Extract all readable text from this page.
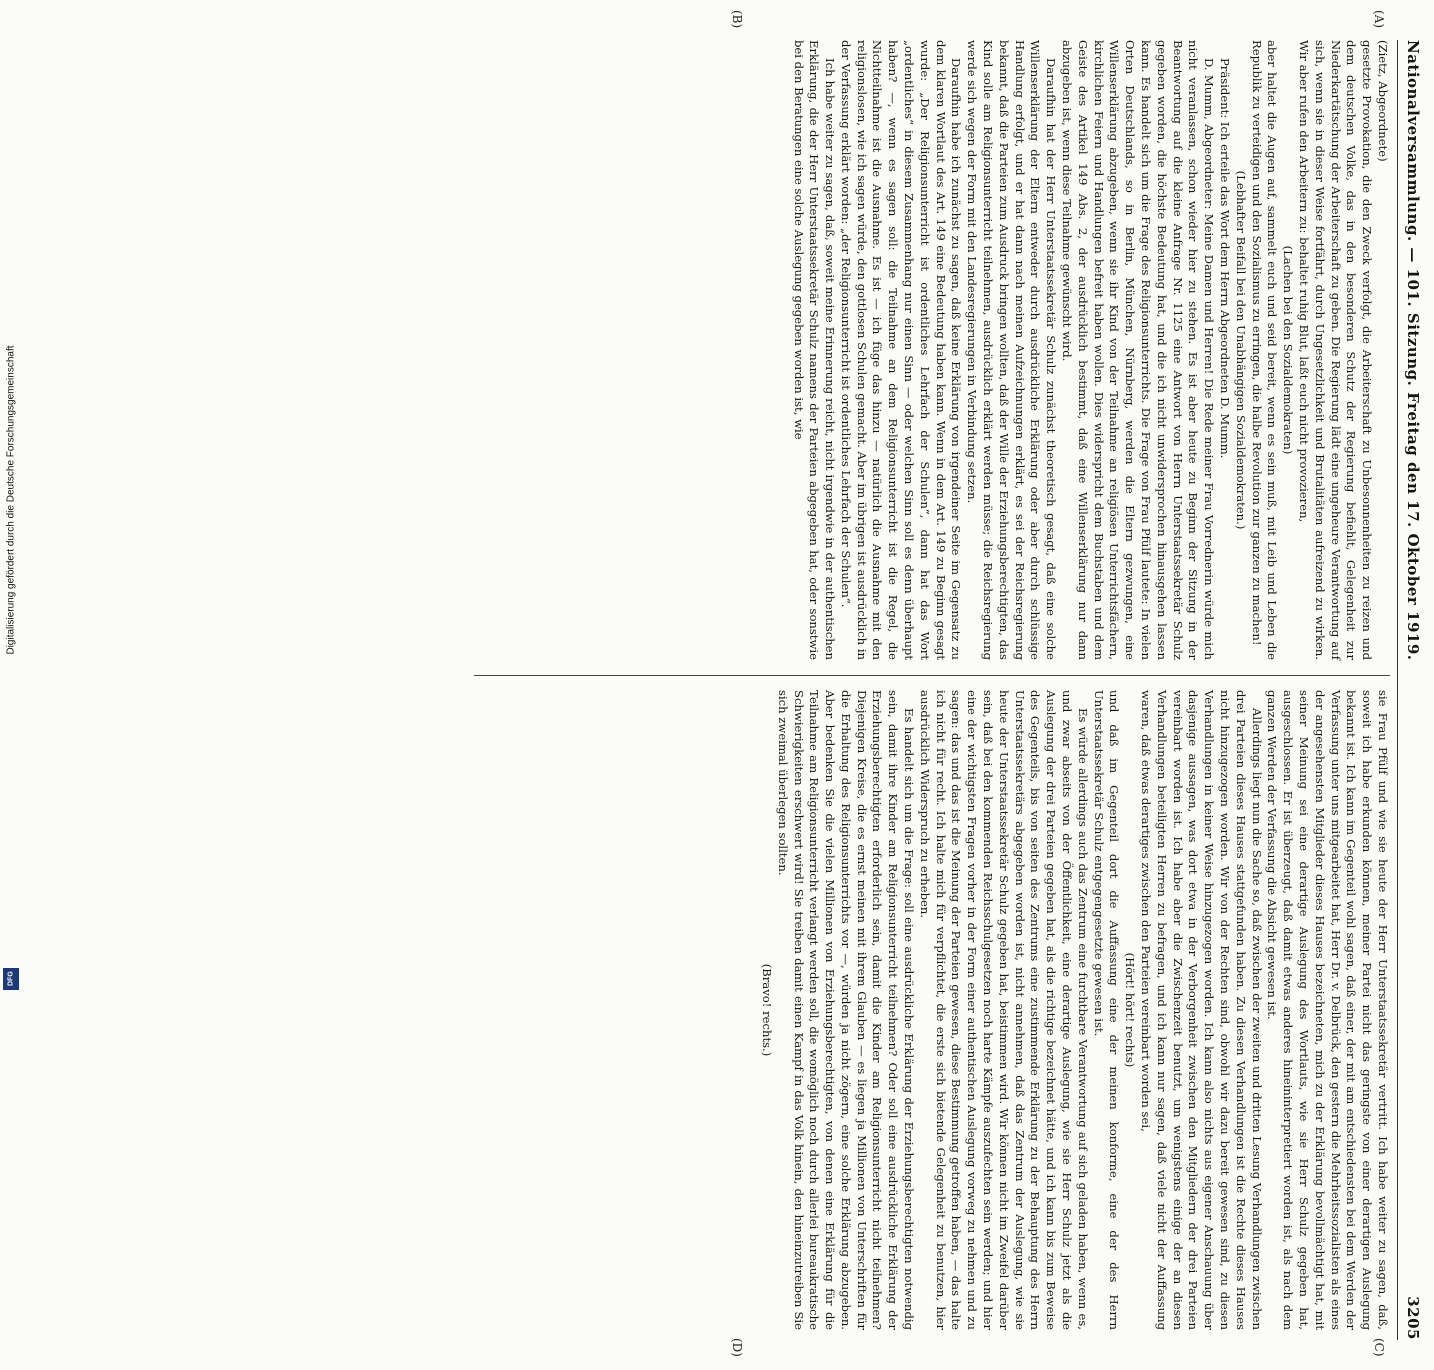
Nationalversammlung. — 101. Sitzung. Freitag den 17. Oktober 1919.
3205
(A)
(B)
(C)
(D)

(Zietz, Abgeordnete)

gesetzte Provokation, die den Zweck verfolgt, die Arbeiterschaft zu Unbesonnenheiten zu reizen und dem deutschen Volke, das in den besonderen Schutz der Regierung befiehlt, Gelegenheit zur Niederkartätschung der Arbeiterschaft zu geben. Die Regierung lädt eine ungeheure Verantwortung auf sich, wenn sie in dieser Weise fortfährt, durch Ungesetzlichkeit und Brutalitäten aufreizend zu wirken. Wir aber rufen den Arbeitern zu: behaltet ruhig Blut, laßt euch nicht provozieren,

(Lachen bei den Sozialdemokraten)

aber haltet die Augen auf, sammelt euch und seid bereit, wenn es sein muß, mit Leib und Leben die Republik zu verteidigen und den Sozialismus zu erringen, die halbe Revolution zur ganzen zu machen!

(Lebhafter Beifall bei den Unabhängigen Sozialdemokraten.)

Präsident: Ich erteile das Wort dem Herrn Abgeordneten D. Mumm.

D. Mumm, Abgeordneter: Meine Damen und Herren! Die Rede meiner Frau Vorrednerin würde mich nicht veranlassen, schon wieder hier zu stehen. Es ist aber heute zu Beginn der Sitzung in der Beantwortung auf die kleine Anfrage Nr. 1125 eine Antwort von Herrn Unterstaatssekretär Schulz gegeben worden, die höchste Bedeutung hat, und die ich nicht unwidersprochen hinausgehen lassen kann. Es handelt sich um die Frage des Religionsunterrichts. Die Frage von Frau Pfülf lautete: In vielen Orten Deutschlands, so in Berlin, München, Nürnberg, werden die Eltern gezwungen, eine Willenserklärung abzugeben, wenn sie ihr Kind von der Teilnahme an religiösen Unterrichtsfächern, kirchlichen Feiern und Handlungen befreit haben wollen. Dies widerspricht dem Buchstaben und dem Geiste des Artikel 149 Abs. 2, der ausdrücklich bestimmt, daß eine Willenserklärung nur dann abzugeben ist, wenn diese Teilnahme gewünscht wird.

Daraufhin hat der Herr Unterstaatssekretär Schulz zunächst theoretisch gesagt, daß eine solche Willenserklärung der Eltern entweder durch ausdrückliche Erklärung oder aber durch schlüssige Handlung erfolgt, und er hat dann nach meinen Aufzeichnungen erklärt, es sei der Reichsregierung bekannt, daß die Parteien zum Ausdruck bringen wollten, daß der Wille der Erziehungsberechtigten, das Kind solle am Religionsunterricht teilnehmen, ausdrücklich erklärt werden müsse; die Reichsregierung werde sich wegen der Form mit den Landesregierungen in Verbindung setzen.

Daraufhin habe ich zunächst zu sagen, daß keine Erklärung von irgendeiner Seite im Gegensatz zu dem klaren Wortlaut des Art. 149 eine Bedeutung haben kann. Wenn in dem Art. 149 zu Beginn gesagt wurde: „Der Religionsunterricht ist ordentliches Lehrfach der Schulen“, dann hat das Wort „ordentliches“ in diesem Zusammenhang nur einen Sinn — oder welchen Sinn soll es denn überhaupt haben? —, wenn es sagen soll: die Teilnahme an dem Religionsunterricht ist die Regel, die Nichtteilnahme ist die Ausnahme. Es ist — ich füge das hinzu — natürlich die Ausnahme mit den religionslosen, wie ich sagen würde, den gottlosen Schulen gemacht. Aber im übrigen ist ausdrücklich in der Verfassung erklärt worden: „der Religionsunterricht ist ordentliches Lehrfach der Schulen“.

Ich habe weiter zu sagen, daß, soweit meine Erinnerung reicht, nicht irgendwie in der authentischen Erklärung, die der Herr Unterstaatssekretär Schulz namens der Parteien abgegeben hat, oder sonstwie bei den Beratungen eine solche Auslegung gegeben worden ist, wie

sie Frau Pfülf und wie sie heute der Herr Unterstaatssekretär vertritt. Ich habe weiter zu sagen, daß, soweit ich habe erkunden können, meiner Partei nicht das geringste von einer derartigen Auslegung bekannt ist. Ich kann im Gegenteil wohl sagen, daß einer, der mit am entschiedensten bei dem Werden der Verfassung unter uns mitgearbeitet hat, Herr Dr. v. Delbrück, den gestern die Mehrheitssozialisten als eines der angesehensten Mitglieder dieses Hauses bezeichneten, mich zu der Erklärung bevollmächtigt hat, mit seiner Meinung sei eine derartige Auslegung des Wortlauts, wie sie Herr Schulz gegeben hat, ausgeschlossen. Er ist überzeugt, daß damit etwas anderes hineininterpretiert worden ist, als nach dem ganzen Werden der Verfassung die Absicht gewesen ist.

Allerdings liegt nun die Sache so, daß zwischen der zweiten und dritten Lesung Verhandlungen zwischen drei Parteien dieses Hauses stattgefunden haben. Zu diesen Verhandlungen ist die Rechte dieses Hauses nicht hinzugezogen worden. Wir von der Rechten sind, obwohl wir dazu bereit gewesen sind, zu diesen Verhandlungen in keiner Weise hinzugezogen worden. Ich kann also nichts aus eigener Anschauung über dasjenige aussagen, was dort etwa in der Verborgenheit zwischen den Mitgliedern der drei Parteien vereinbart worden ist. Ich habe aber die Zwischenzeit benutzt, um wenigstens einige der an diesen Verhandlungen beteiligten Herren zu befragen, und ich kann nur sagen, daß viele nicht der Auffassung waren, daß etwas derartiges zwischen den Parteien vereinbart worden sei,

(Hört! hört! rechts)

und daß im Gegenteil dort die Auffassung eine der meinen konforme, eine der des Herrn Unterstaatssekretär Schulz entgegengesetzte gewesen ist.

Es würde allerdings auch das Zentrum eine furchtbare Verantwortung auf sich geladen haben, wenn es, und zwar abseits von der Öffentlichkeit, eine derartige Auslegung, wie sie Herr Schulz jetzt als die Auslegung der drei Parteien gegeben hat, als die richtige bezeichnet hätte, und ich kann bis zum Beweise des Gegenteils, bis von seiten des Zentrums eine zustimmende Erklärung zu der Behauptung des Herrn Unterstaatssekretärs abgegeben worden ist, nicht annehmen, daß das Zentrum der Auslegung, wie sie heute der Unterstaatssekretär Schulz gegeben hat, beistimmen wird. Wir können nicht im Zweifel darüber sein, daß bei den kommenden Reichsschulgesetzen noch harte Kämpfe auszufechten sein werden; und hier eine der wichtigsten Fragen vorher in der Form einer authentischen Auslegung vorweg zu nehmen und zu sagen: das und das ist die Meinung der Parteien gewesen, diese Bestimmung getroffen haben, — das halte ich nicht für recht. Ich halte mich für verpflichtet, die erste sich bietende Gelegenheit zu benutzen, hier ausdrücklich Widerspruch zu erheben.

Es handelt sich um die Frage: soll eine ausdrückliche Erklärung der Erziehungsberechtigten notwendig sein, damit ihre Kinder am Religionsunterricht teilnehmen? Oder soll eine ausdrückliche Erklärung der Erziehungsberechtigten erforderlich sein, damit die Kinder am Religionsunterricht nicht teilnehmen? Diejenigen Kreise, die es ernst meinen mit ihrem Glauben — es liegen ja Millionen von Unterschriften für die Erhaltung des Religionsunterrichts vor —, würden ja nicht zögern, eine solche Erklärung abzugeben. Aber bedenken Sie die vielen Millionen von Erziehungsberechtigten, von denen eine Erklärung für die Teilnahme am Religionsunterricht verlangt werden soll, die womöglich noch durch allerlei bureaukratische Schwierigkeiten erschwert wird! Sie treiben damit einen Kampf in das Volk hinein, den hineinzutreiben Sie sich zweimal überlegen sollten.

(Bravo! rechts.)

Digitalisierung gefördert durch die Deutsche Forschungsgemeinschaft
DFG
